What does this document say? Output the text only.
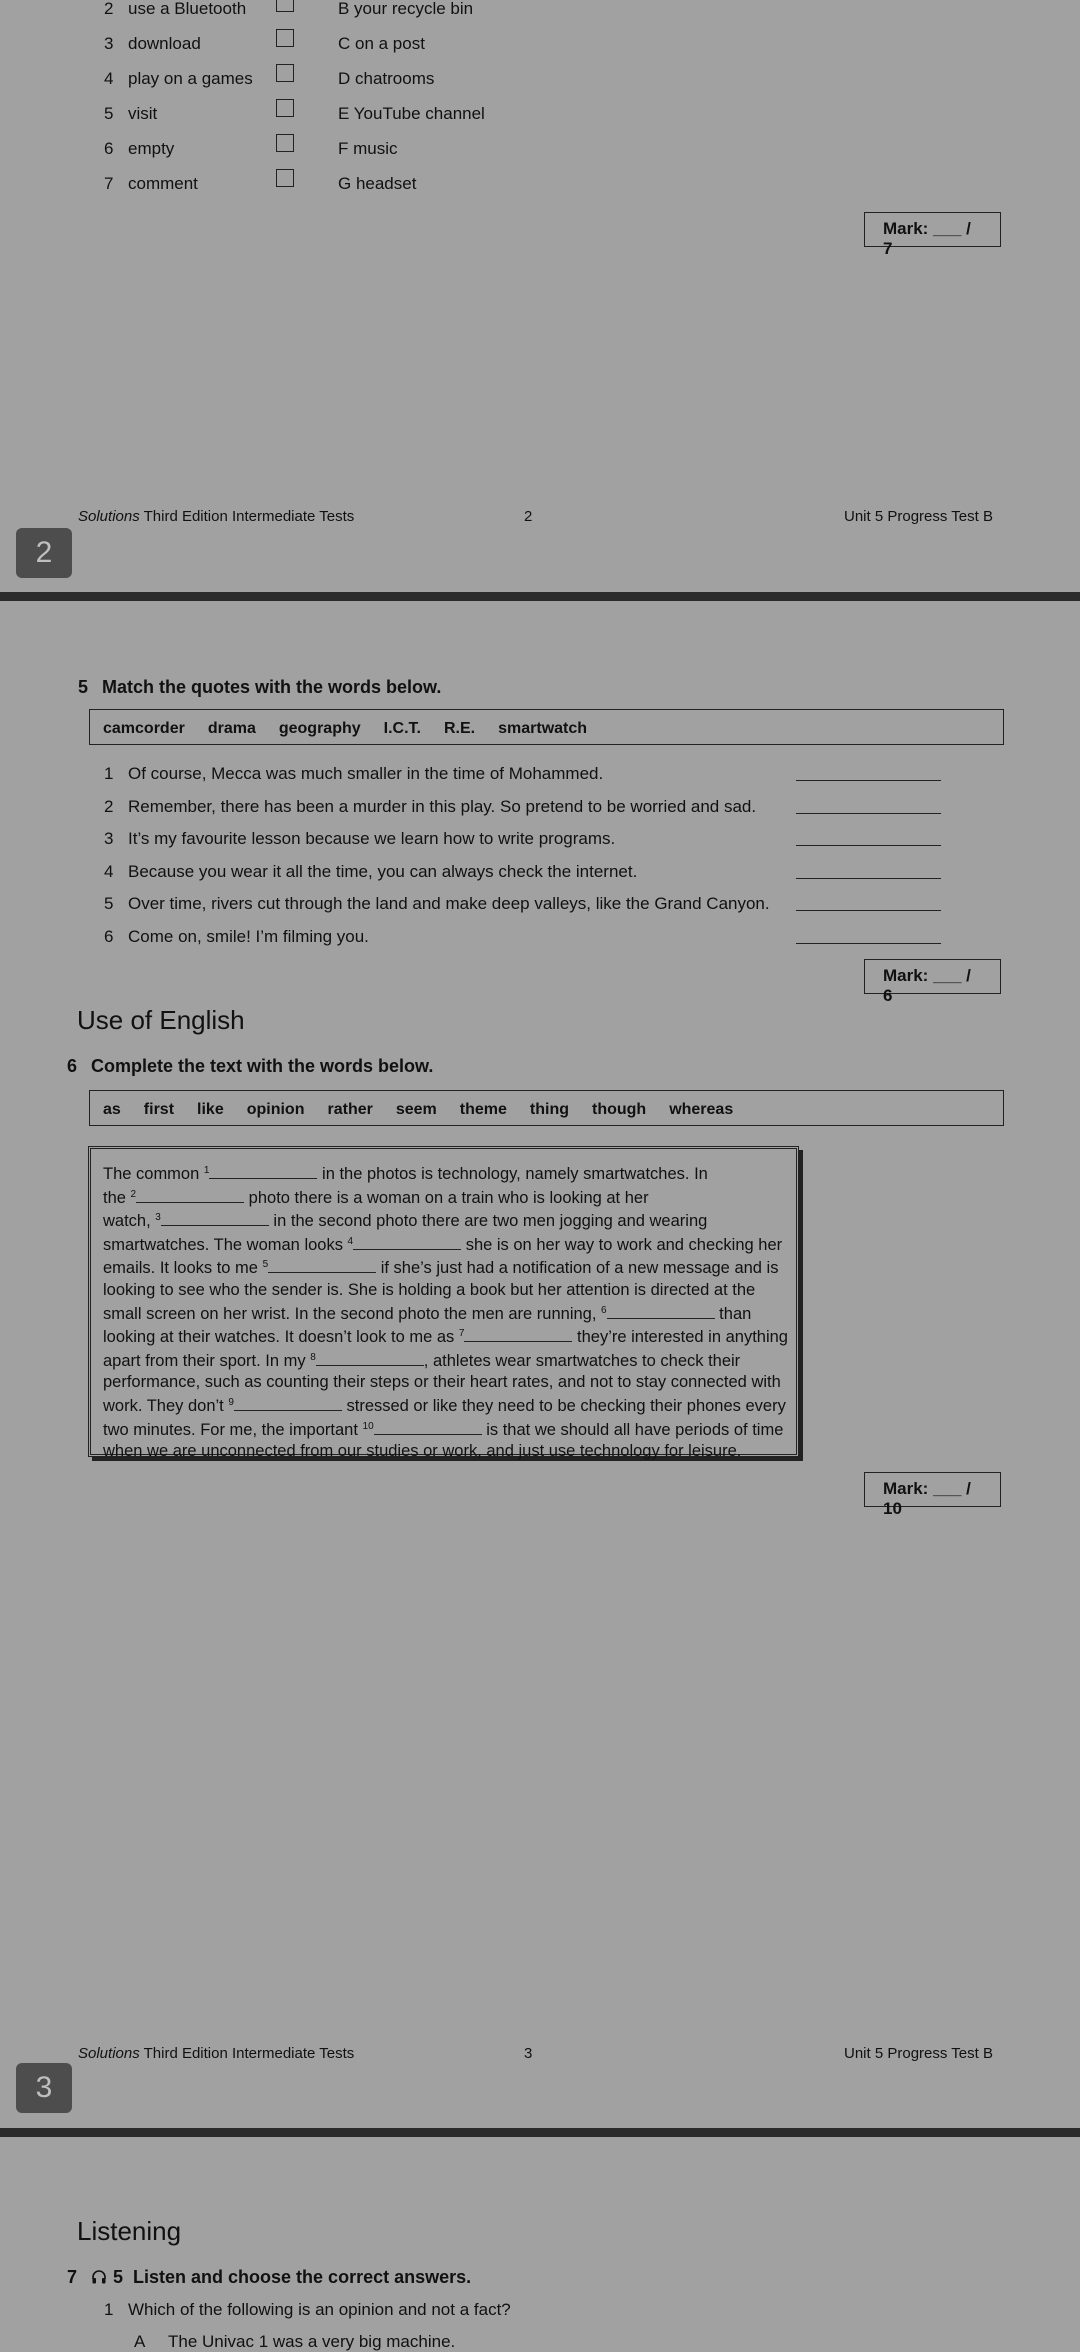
2 use a Bluetooth	B your recycle bin
3 download	C on a post
4 play on a games	D chatrooms
5 visit	E YouTube channel
6 empty	F music
7 comment	G headset
Mark: ___ / 7
Solutions Third Edition Intermediate Tests	2	Unit 5 Progress Test B
2
5 Match the quotes with the words below.
camcorder drama geography I.C.T. R.E. smartwatch
1 Of course, Mecca was much smaller in the time of Mohammed.
2 Remember, there has been a murder in this play. So pretend to be worried and sad.
3 It’s my favourite lesson because we learn how to write programs.
4 Because you wear it all the time, you can always check the internet.
5 Over time, rivers cut through the land and make deep valleys, like the Grand Canyon.
6 Come on, smile! I’m filming you.
Mark: ___ / 6
Use of English
6 Complete the text with the words below.
as first like opinion rather seem theme thing though whereas

The common $^1$	in the photos is technology, namely smartwatches. In

the $^2$	photo there is a woman on a train who is looking at her

watch, $^3$	in the second photo there are two men jogging and wearing

smartwatches. The woman looks $^4$	she is on her way to work and checking her

emails. It looks to me $^5$	if she’s just had a notification of a new message and is

looking to see who the sender is. She is holding a book but her attention is directed at the

small screen on her wrist. In the second photo the men are running, $^6$	than

looking at their watches. It doesn’t look to me as $^7$	they’re interested in anything

apart from their sport. In my $^8$	, athletes wear smartwatches to check their

performance, such as counting their steps or their heart rates, and not to stay connected with

work. They don’t $^9$	stressed or like they need to be checking their phones every

two minutes. For me, the important $^{10}$	is that we should all have periods of time

when we are unconnected from our studies or work, and just use technology for leisure.

Mark: ___ / 10
Solutions Third Edition Intermediate Tests	3	Unit 5 Progress Test B
3
Listening
7 5 Listen and choose the correct answers.
1 Which of the following is an opinion and not a fact?
A The Univac 1 was a very big machine.
